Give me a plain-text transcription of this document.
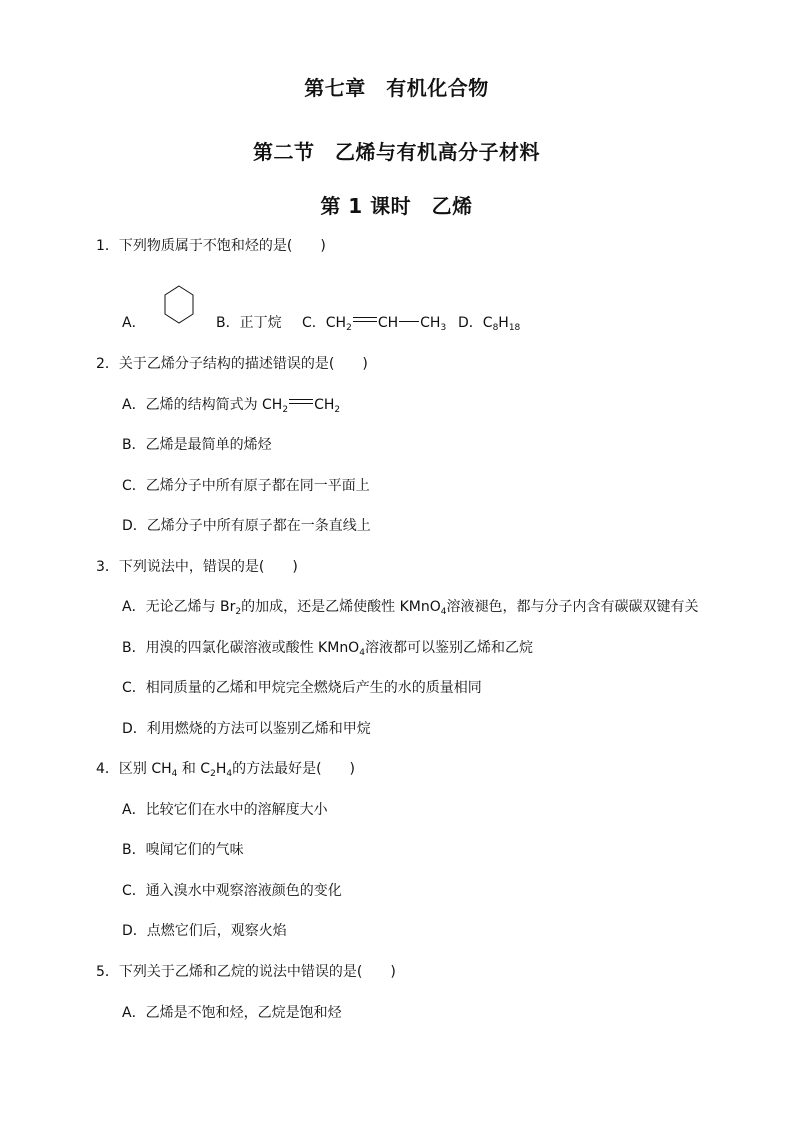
第七章　有机化合物
第二节　乙烯与有机高分子材料
第 1 课时　乙烯
1．下列物质属于不饱和烃的是(　　)
A．	B．正丁烷 C．$CH_2$ CH $CH_3$ D．$C_8H_{18}$
2．关于乙烯分子结构的描述错误的是(　　)
A．乙烯的结构简式为 $CH_2$ $CH_2$
B．乙烯是最简单的烯烃
C．乙烯分子中所有原子都在同一平面上
D．乙烯分子中所有原子都在一条直线上
3．下列说法中，错误的是(　　)
A．无论乙烯与 $Br_2$的加成，还是乙烯使酸性 KMnO$_4$溶液褪色，都与分子内含有碳碳双键有关
B．用溴的四氯化碳溶液或酸性 KMnO$_4$溶液都可以鉴别乙烯和乙烷
C．相同质量的乙烯和甲烷完全燃烧后产生的水的质量相同
D．利用燃烧的方法可以鉴别乙烯和甲烷
4．区别 $CH_4$ 和 $C_2H_4$的方法最好是(　　)
A．比较它们在水中的溶解度大小
B．嗅闻它们的气味
C．通入溴水中观察溶液颜色的变化
D．点燃它们后，观察火焰
5．下列关于乙烯和乙烷的说法中错误的是(　　)
A．乙烯是不饱和烃，乙烷是饱和烃
